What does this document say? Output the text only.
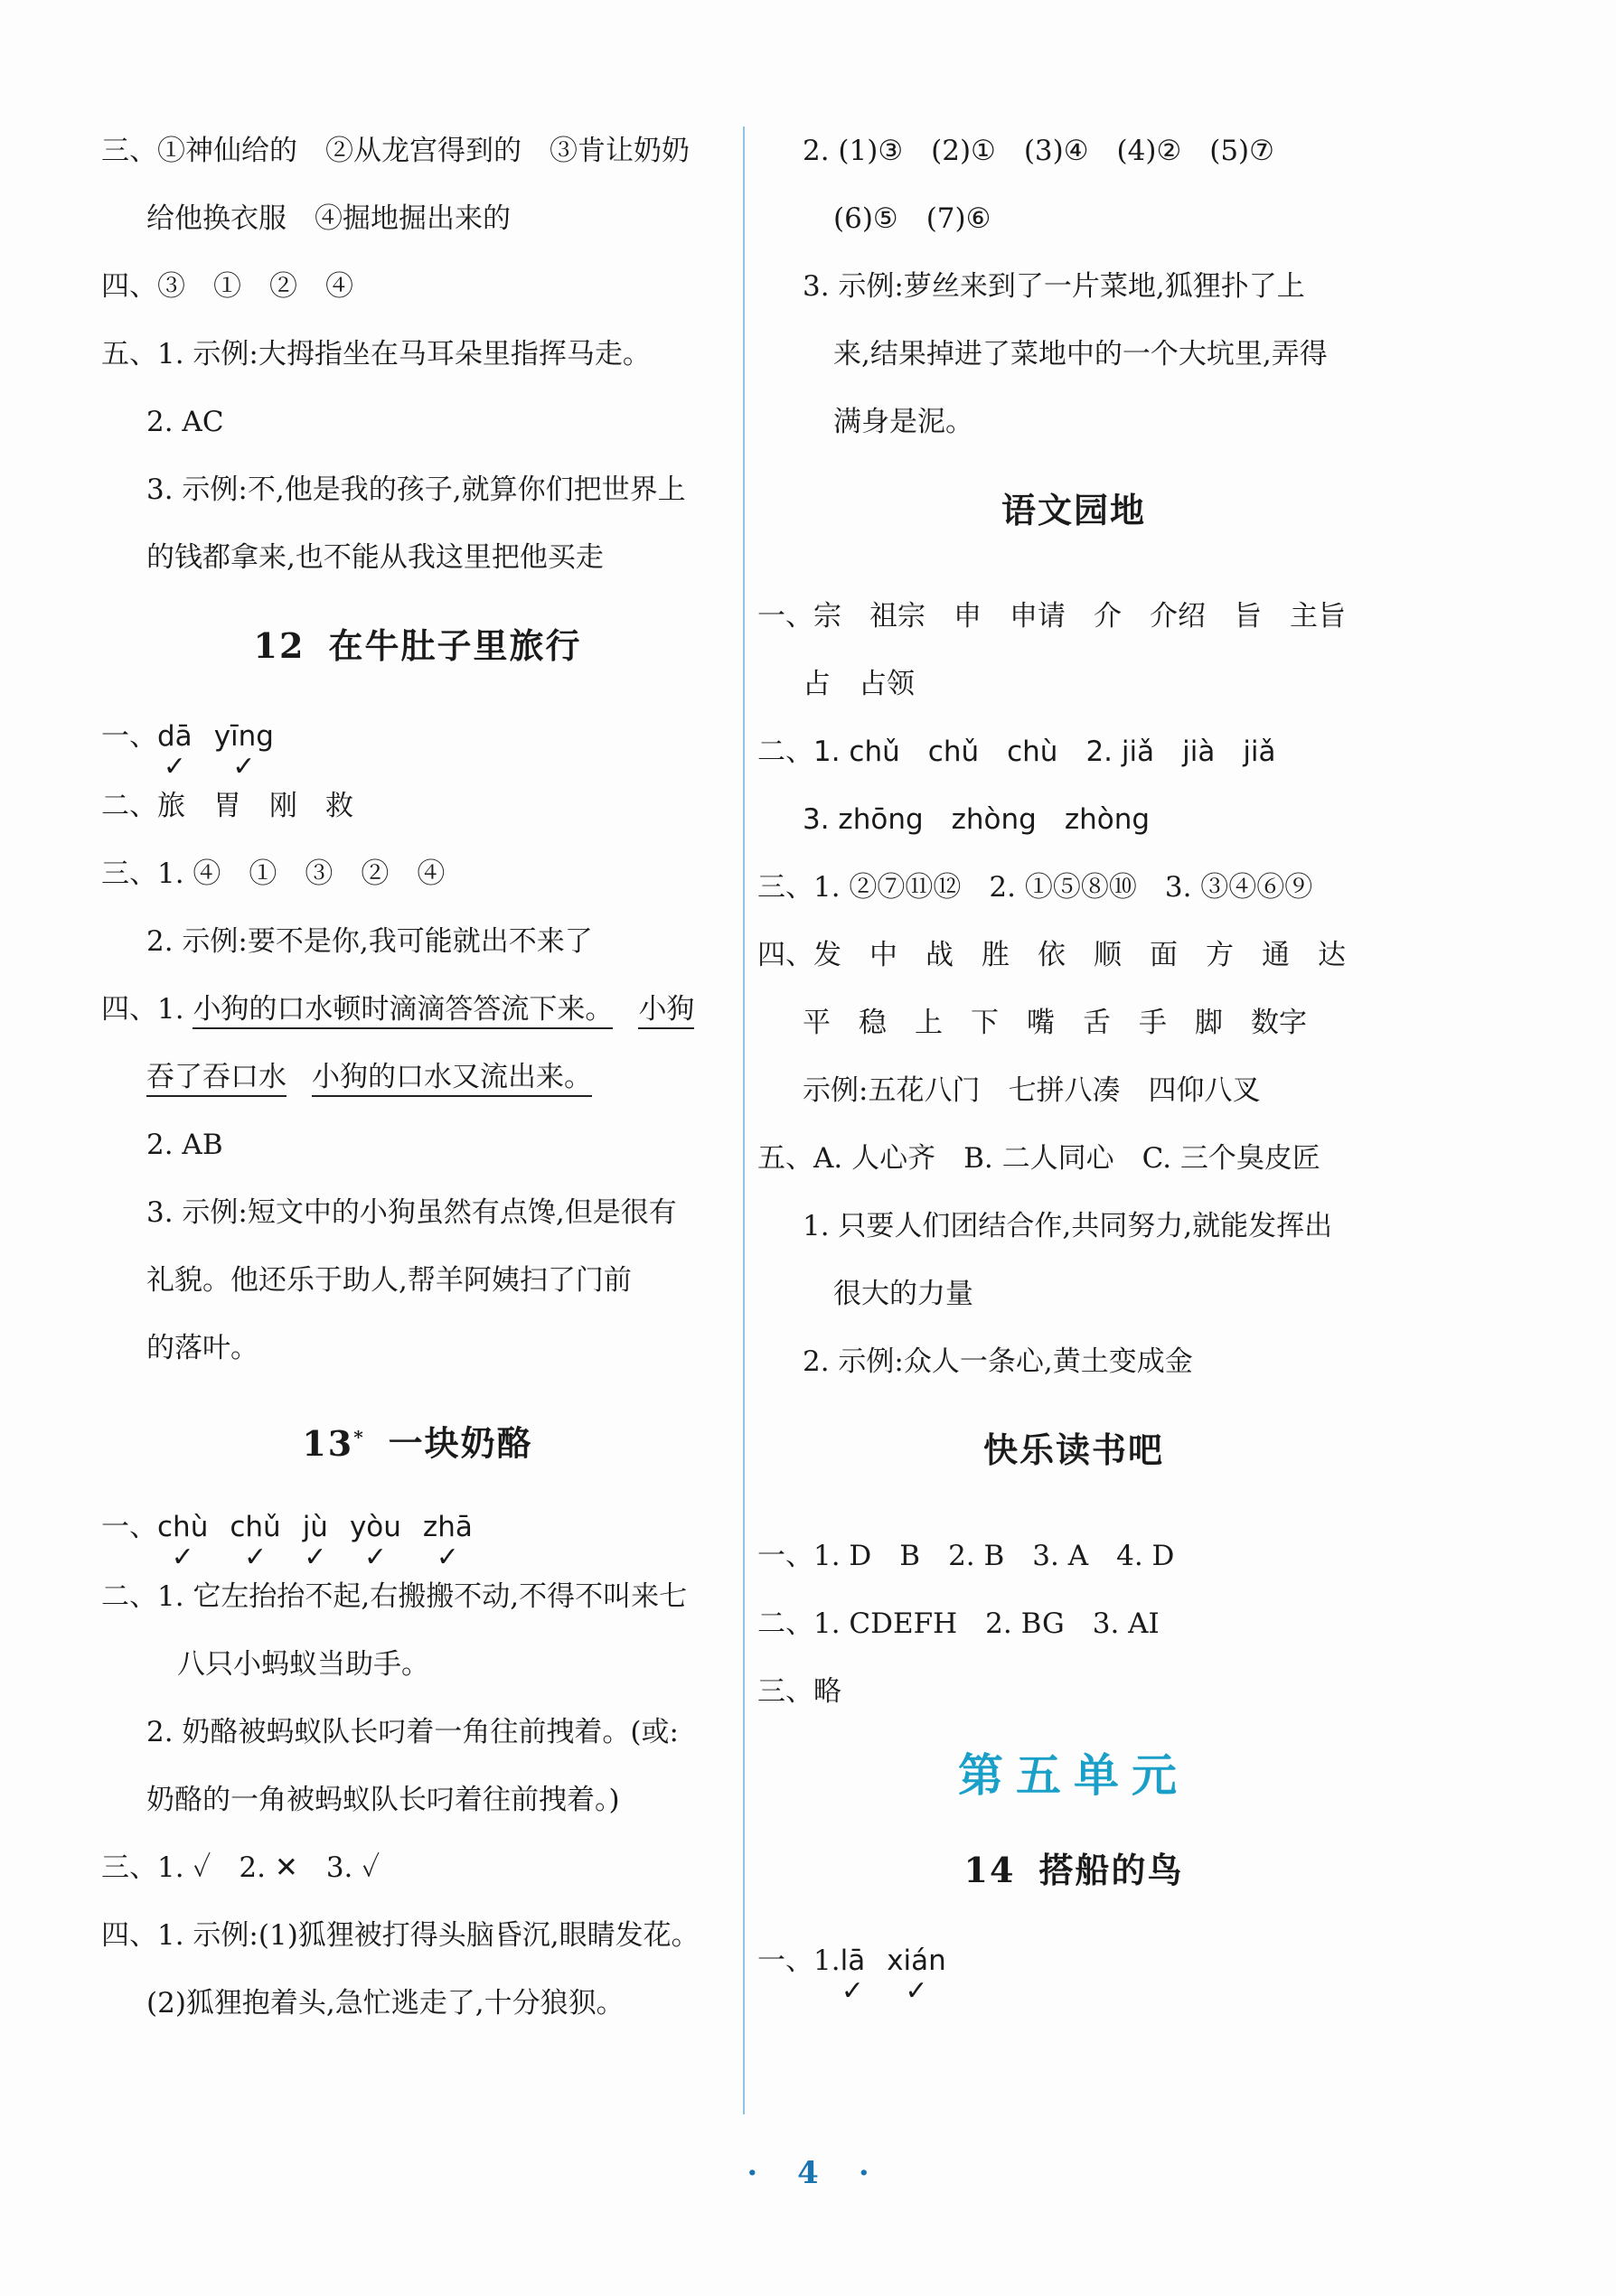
三、①神仙给的　②从龙宫得到的　③肯让奶奶
给他换衣服　④掘地掘出来的
四、③　①　②　④
五、1. 示例:大拇指坐在马耳朵里指挥马走。
2. AC
3. 示例:不,他是我的孩子,就算你们把世界上
的钱都拿来,也不能从我这里把他买走
12 在牛肚子里旅行
一、dā
✓
yīng
✓
二、旅　胃　刚　救
三、1. ④　①　③　②　④
2. 示例:要不是你,我可能就出不来了
四、1. 小狗的口水顿时滴滴答答流下来。 小狗
吞了吞口水 小狗的口水又流出来。
2. AB
3. 示例:短文中的小狗虽然有点馋,但是很有
礼貌。他还乐于助人,帮羊阿姨扫了门前
的落叶。
13* 一块奶酪
一、chù
✓
chǔ
✓
jù
✓
yòu
✓
zhā
✓
二、1. 它左抬抬不起,右搬搬不动,不得不叫来七
八只小蚂蚁当助手。
2. 奶酪被蚂蚁队长叼着一角往前拽着。(或:
奶酪的一角被蚂蚁队长叼着往前拽着。)
三、1. ✓　2. ✕　3. ✓
四、1. 示例:(1)狐狸被打得头脑昏沉,眼睛发花。
(2)狐狸抱着头,急忙逃走了,十分狼狈。
2. (1)③　(2)①　(3)④　(4)②　(5)⑦
(6)⑤　(7)⑥
3. 示例:萝丝来到了一片菜地,狐狸扑了上
来,结果掉进了菜地中的一个大坑里,弄得
满身是泥。
语文园地
一、宗　祖宗　申　申请　介　介绍　旨　主旨
占　占领
二、1. chǔ　chǔ　chù　2. jiǎ　jià　jiǎ
3. zhōng　zhòng　zhòng
三、1. ②⑦⑪⑫　2. ①⑤⑧⑩　3. ③④⑥⑨
四、发　中　战　胜　依　顺　面　方　通　达
平　稳　上　下　嘴　舌　手　脚　数字
示例:五花八门　七拼八凑　四仰八叉
五、A. 人心齐　B. 二人同心　C. 三个臭皮匠
1. 只要人们团结合作,共同努力,就能发挥出
很大的力量
2. 示例:众人一条心,黄土变成金
快乐读书吧
一、1. D　B　2. B　3. A　4. D
二、1. CDEFH　2. BG　3. AI
三、略
第五单元
14 搭船的鸟
一、1.lā
✓
xián
✓
· 4 ·
